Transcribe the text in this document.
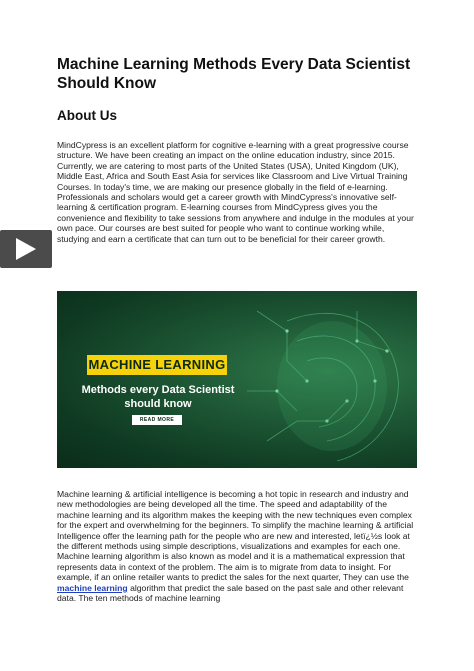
Machine Learning Methods Every Data Scientist Should Know
About Us

MindCypress is an excellent platform for cognitive e-learning with a great progressive course structure. We have been creating an impact on the online education industry, since 2015. Currently, we are catering to most parts of the United States (USA), United Kingdom (UK), Middle East, Africa and South East Asia for services like Classroom and Live Virtual Training Courses. In today's time, we are making our presence globally in the field of e-learning. Professionals and scholars would get a career growth with MindCypress's innovative self-learning & certification program. E-learning courses from MindCypress gives you the convenience and flexibility to take sessions from anywhere and indulge in the modules at your own pace. Our courses are best suited for people who want to continue working while, studying and earn a certificate that can turn out to be beneficial for their career growth.

MACHINE LEARNING
Methods every Data Scientist should know
READ MORE

Machine learning & artificial intelligence is becoming a hot topic in research and industry and new methodologies are being developed all the time. The speed and adaptability of the machine learning and its algorithm makes the keeping with the new techniques even complex for the expert and overwhelming for the beginners. To simplify the machine learning & artificial Intelligence offer the learning path for the people who are new and interested, letï¿½s look at the different methods using simple descriptions, visualizations and examples for each one. Machine learning algorithm is also known as model and it is a mathematical expression that represents data in context of the problem. The aim is to migrate from data to insight. For example, if an online retailer wants to predict the sales for the next quarter, They can use the machine learning algorithm that predict the sale based on the past sale and other relevant data. The ten methods of machine learning
